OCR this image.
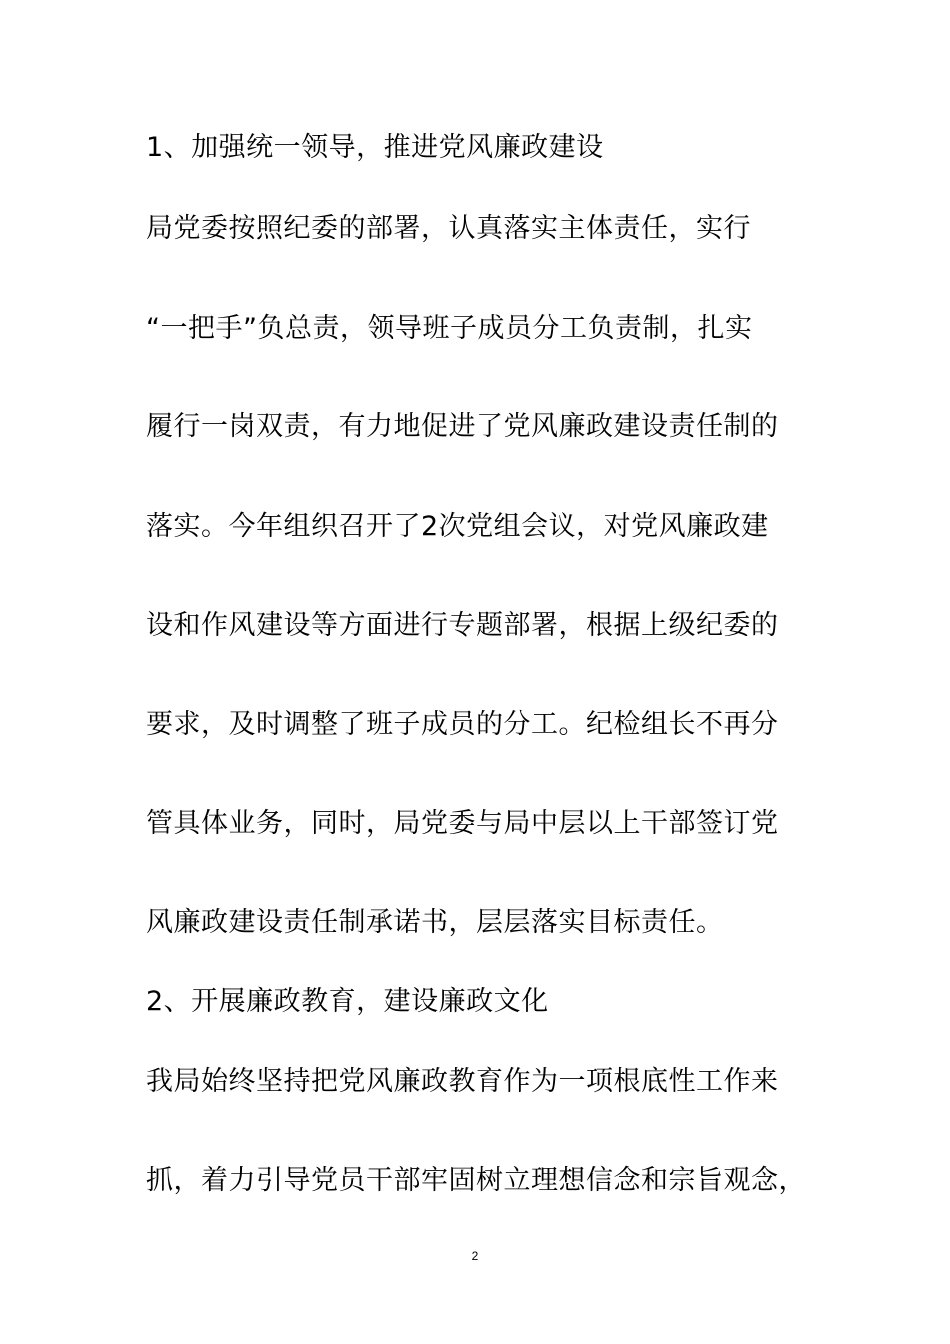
1、加强统一领导，推进党风廉政建设
局党委按照纪委的部署，认真落实主体责任，实行
“一把手”负总责，领导班子成员分工负责制，扎实
履行一岗双责，有力地促进了党风廉政建设责任制的
落实。今年组织召开了2次党组会议，对党风廉政建
设和作风建设等方面进行专题部署，根据上级纪委的
要求，及时调整了班子成员的分工。纪检组长不再分
管具体业务，同时，局党委与局中层以上干部签订党
风廉政建设责任制承诺书，层层落实目标责任。
2、开展廉政教育，建设廉政文化
我局始终坚持把党风廉政教育作为一项根底性工作来
抓，着力引导党员干部牢固树立理想信念和宗旨观念，
2
